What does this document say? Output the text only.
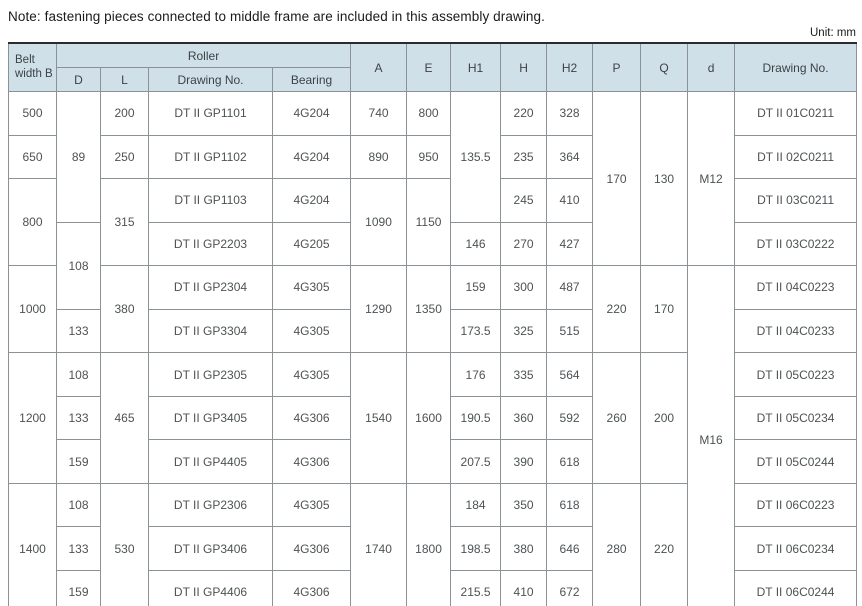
Note: fastening pieces connected to middle frame are included in this assembly drawing.
Unit: mm
Belt width B	Roller				A	E	H1	H	H2	P	Q	d	Drawing No.
	D	L	Drawing No.	Bearing									
500	89	200	DT II GP1101	4G204	740	800	135.5	220	328	170	130	M12	DT II 01C0211
650		250	DT II GP1102	4G204	890	950		235	364				DT II 02C0211
800		315	DT II GP1103	4G204	1090	1150		245	410				DT II 03C0211
	108		DT II GP2203	4G205			146	270	427				DT II 03C0222
1000		380	DT II GP2304	4G305	1290	1350	159	300	487	220	170	M16	DT II 04C0223
	133		DT II GP3304	4G305			173.5	325	515				DT II 04C0233
1200	108	465	DT II GP2305	4G305	1540	1600	176	335	564	260	200		DT II 05C0223
	133		DT II GP3405	4G306			190.5	360	592				DT II 05C0234
	159		DT II GP4405	4G306			207.5	390	618				DT II 05C0244
1400	108	530	DT II GP2306	4G305	1740	1800	184	350	618	280	220		DT II 06C0223
	133		DT II GP3406	4G306			198.5	380	646				DT II 06C0234
	159		DT II GP4406	4G306			215.5	410	672				DT II 06C0244
